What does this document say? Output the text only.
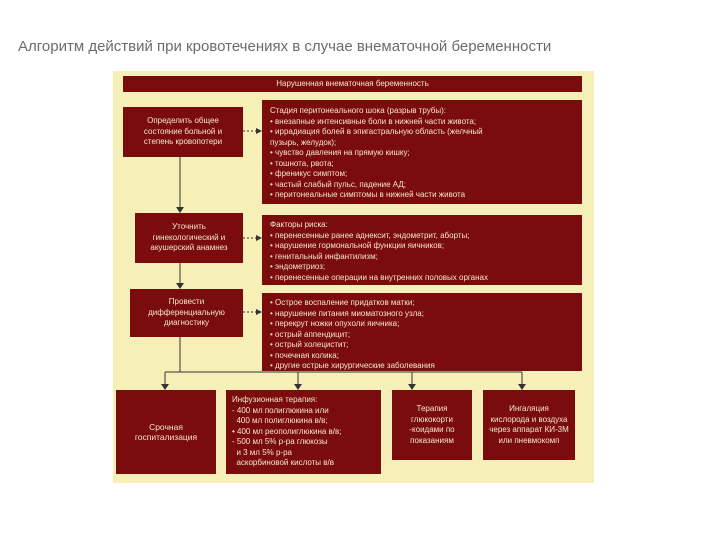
Алгоритм действий при кровотечениях в случае внематочной беременности
Нарушенная внематочная беременность
Определить общее состояние больной и степень кровопотери
Уточнить гинекологический и акушерский анамнез
Провести дифференциальную диагностику
Стадия перитонеального шока (разрыв трубы):
• внезапные интенсивные боли в нижней части живота;
• иррадиация болей в эпигастральную область (желчный
пузырь, желудок);
• чувство давления на прямую кишку;
• тошнота, рвота;
• френикус симптом;
• частый слабый пульс, падение АД;
• перитонеальные симптомы в нижней части живота
Факторы риска:
• перенесенные ранее аднексит, эндометрит, аборты;
• нарушение гормональной функции яичников;
• генитальный инфантилизм;
• эндометриоз;
• перенесенные операции на внутренних половых органах
• Острое воспаление придатков матки;
• нарушение питания миоматозного узла;
• перекрут ножки опухоли яичника;
• острый аппендицит;
• острый холецистит;
• почечная колика;
• другие острые хирургические заболевания
Срочная госпитализация
Инфузионная терапия:
- 400 мл полиглюкина или
400 мл полиглюкина в/в;
• 400 мл реополиглюкина в/в;
- 500 мл 5% р-ра глюкозы
и 3 мл 5% р-ра
аскорбиновой кислоты в/в
Терапия глюкокорти -коидами по показаниям
Ингаляция кислорода и воздуха через аппарат КИ-3М или пневмокомп
